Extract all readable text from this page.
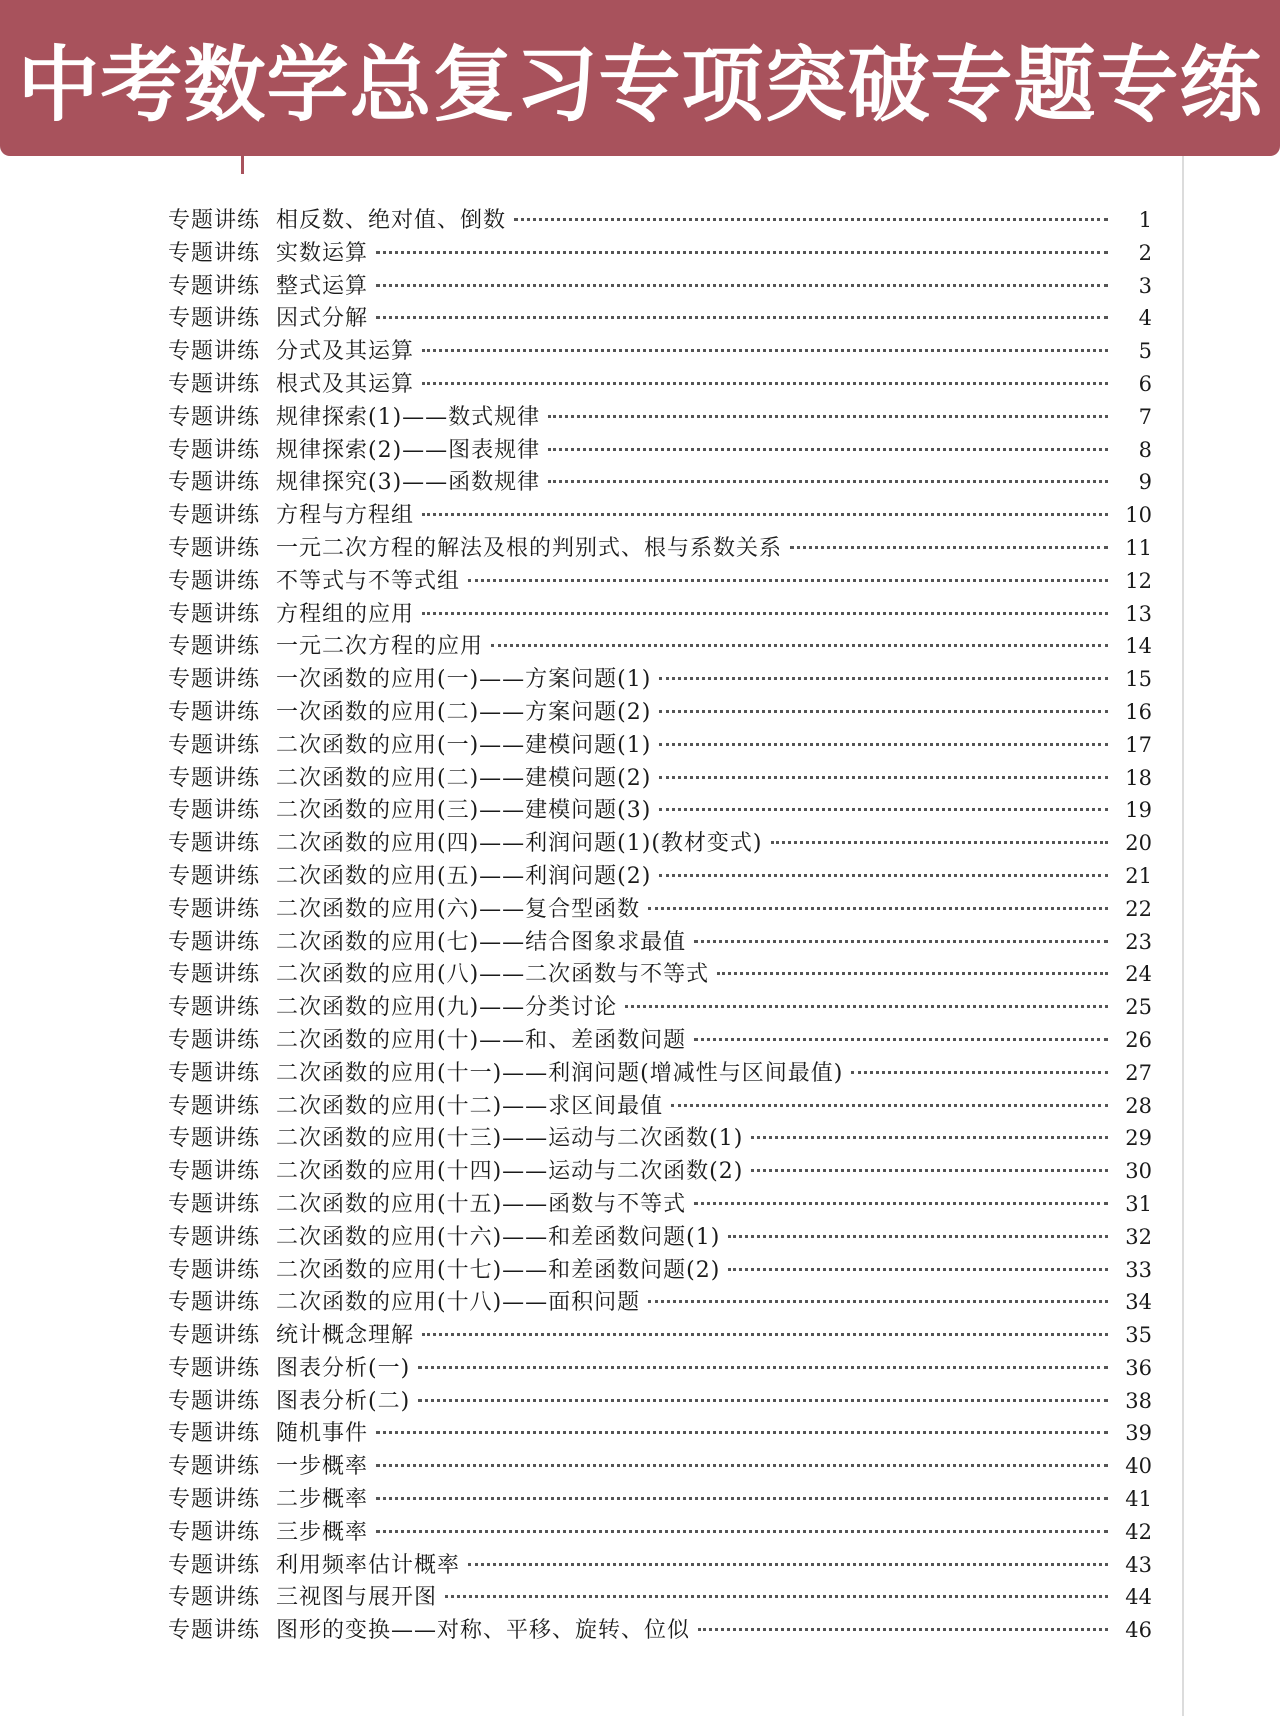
中考数学总复习专项突破专题专练
专题讲练 相反数、绝对值、倒数	1
专题讲练 实数运算	2
专题讲练 整式运算	3
专题讲练 因式分解	4
专题讲练 分式及其运算	5
专题讲练 根式及其运算	6
专题讲练 规律探索(1)——数式规律	7
专题讲练 规律探索(2)——图表规律	8
专题讲练 规律探究(3)——函数规律	9
专题讲练 方程与方程组	10
专题讲练 一元二次方程的解法及根的判别式、根与系数关系	11
专题讲练 不等式与不等式组	12
专题讲练 方程组的应用	13
专题讲练 一元二次方程的应用	14
专题讲练 一次函数的应用(一)——方案问题(1)	15
专题讲练 一次函数的应用(二)——方案问题(2)	16
专题讲练 二次函数的应用(一)——建模问题(1)	17
专题讲练 二次函数的应用(二)——建模问题(2)	18
专题讲练 二次函数的应用(三)——建模问题(3)	19
专题讲练 二次函数的应用(四)——利润问题(1)(教材变式)	20
专题讲练 二次函数的应用(五)——利润问题(2)	21
专题讲练 二次函数的应用(六)——复合型函数	22
专题讲练 二次函数的应用(七)——结合图象求最值	23
专题讲练 二次函数的应用(八)——二次函数与不等式	24
专题讲练 二次函数的应用(九)——分类讨论	25
专题讲练 二次函数的应用(十)——和、差函数问题	26
专题讲练 二次函数的应用(十一)——利润问题(增减性与区间最值)	27
专题讲练 二次函数的应用(十二)——求区间最值	28
专题讲练 二次函数的应用(十三)——运动与二次函数(1)	29
专题讲练 二次函数的应用(十四)——运动与二次函数(2)	30
专题讲练 二次函数的应用(十五)——函数与不等式	31
专题讲练 二次函数的应用(十六)——和差函数问题(1)	32
专题讲练 二次函数的应用(十七)——和差函数问题(2)	33
专题讲练 二次函数的应用(十八)——面积问题	34
专题讲练 统计概念理解	35
专题讲练 图表分析(一)	36
专题讲练 图表分析(二)	38
专题讲练 随机事件	39
专题讲练 一步概率	40
专题讲练 二步概率	41
专题讲练 三步概率	42
专题讲练 利用频率估计概率	43
专题讲练 三视图与展开图	44
专题讲练 图形的变换——对称、平移、旋转、位似	46
